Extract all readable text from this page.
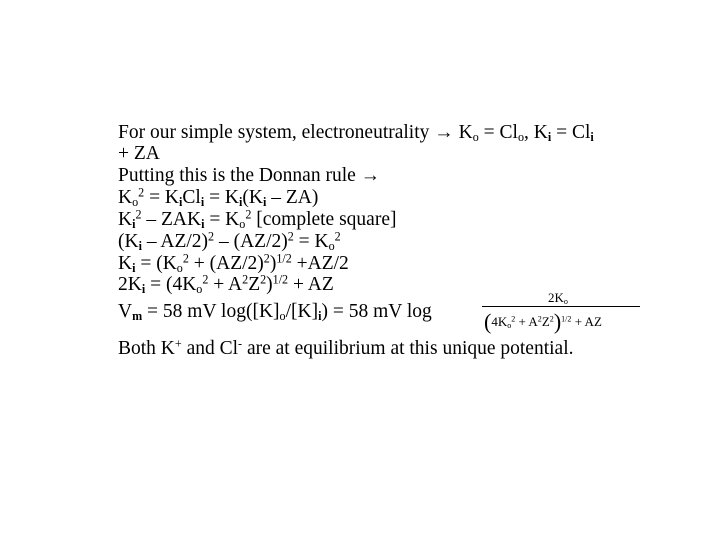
For our simple system, electroneutrality → $K_o = Cl_o$, $K_i = Cl_i$
+ ZA
Putting this is the Donnan rule →
$K_o^2 = K_iCl_i = K_i(K_i - ZA)$
$K_i^2 - ZAK_i = K_o^2$ [complete square]
$(K_i - AZ/2)^2 - (AZ/2)^2 = K_o^2$
$K_i = (K_o^2 + (AZ/2)^2)^{1/2} +AZ/2$
$2K_i = (4K_o^2 + A^2Z^2)^{1/2}$ + AZ
$V_m = 58$ mV $\log([K]_o/[K]_i) = 58$ mV log
$2K_o$
$(4K_o^2 + A^2Z^2)^{1/2}$ + AZ
Both K+ and Cl- are at equilibrium at this unique potential.
